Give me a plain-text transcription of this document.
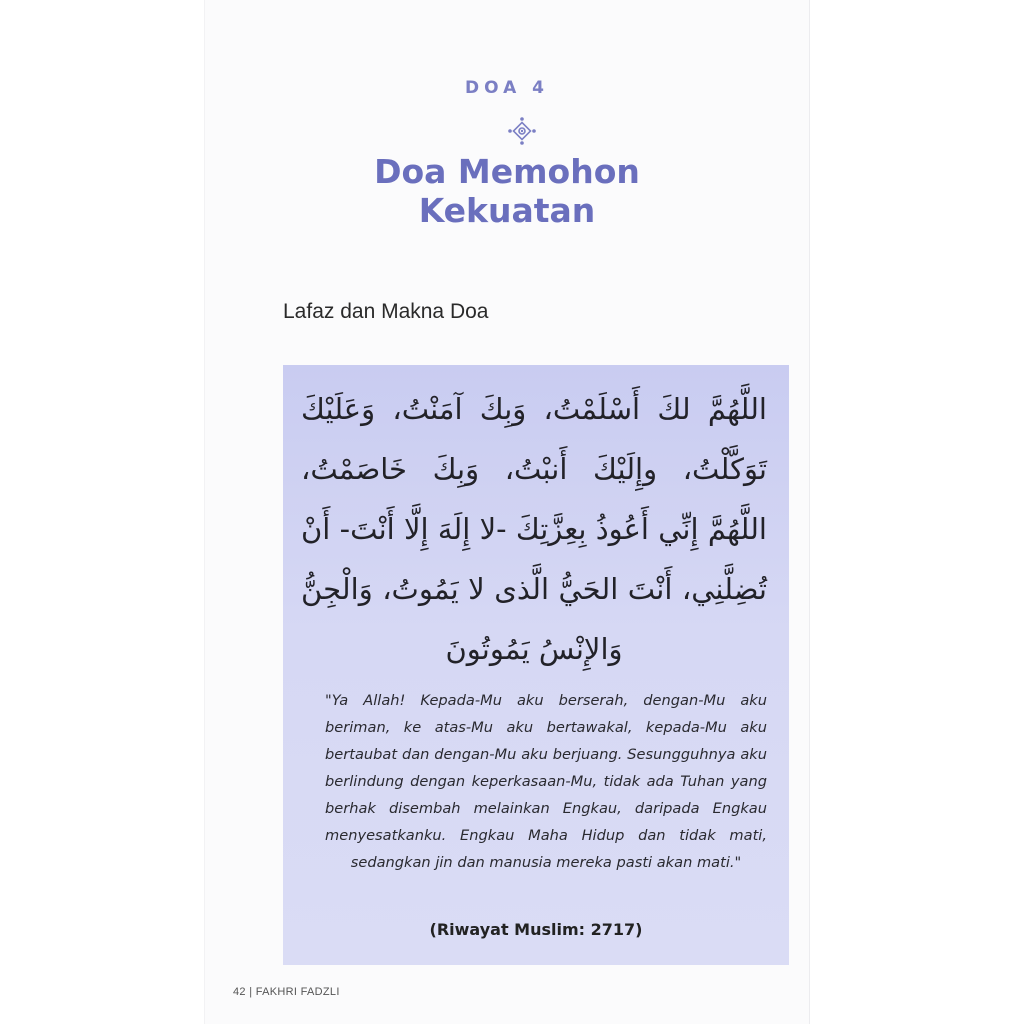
DOA 4
Doa Memohon
Kekuatan
Lafaz dan Makna Doa
اللَّهُمَّ لكَ أَسْلَمْتُ، وَبِكَ آمَنْتُ، وَعَلَيْكَ تَوَكَّلْتُ، وإِلَيْكَ أَنبْتُ، وَبِكَ خَاصَمْتُ، اللَّهُمَّ إِنِّي أَعُوذُ بِعِزَّتِكَ -لا إِلَهَ إِلَّا أَنْتَ- أَنْ تُضِلَّنِي، أَنْتَ الحَيُّ الَّذى لا يَمُوتُ، وَالْجِنُّ وَالإِنْسُ يَمُوتُونَ
"Ya Allah! Kepada-Mu aku berserah, dengan-Mu aku beriman, ke atas-Mu aku bertawakal, kepada-Mu aku bertaubat dan dengan-Mu aku berjuang. Sesungguhnya aku berlindung dengan keperkasaan-Mu, tidak ada Tuhan yang berhak disembah melainkan Engkau, daripada Engkau menyesatkanku. Engkau Maha Hidup dan tidak mati, sedangkan jin dan manusia mereka pasti akan mati."
(Riwayat Muslim: 2717)
42 | FAKHRI FADZLI
